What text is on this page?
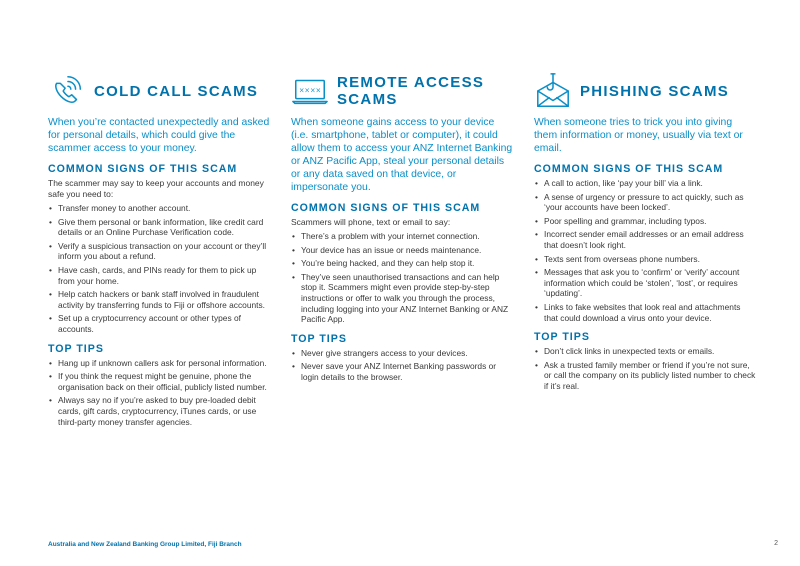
COLD CALL SCAMS

When you’re contacted unexpectedly and asked for personal details, which could give the scammer access to your money.

COMMON SIGNS OF THIS SCAM

The scammer may say to keep your accounts and money safe you need to:

• Transfer money to another account.
• Give them personal or bank information, like credit card details or an Online Purchase Verification code.
• Verify a suspicious transaction on your account or they’ll inform you about a refund.
• Have cash, cards, and PINs ready for them to pick up from your home.
• Help catch hackers or bank staff involved in fraudulent activity by transferring funds to Fiji or offshore accounts.
• Set up a cryptocurrency account or other types of accounts.
TOP TIPS
• Hang up if unknown callers ask for personal information.
• If you think the request might be genuine, phone the organisation back on their official, publicly listed number.
• Always say no if you’re asked to buy pre-loaded debit cards, gift cards, cryptocurrency, iTunes cards, or use third-party money transfer agencies.
×××× REMOTE ACCESS
SCAMS

When someone gains access to your device (i.e. smartphone, tablet or computer), it could allow them to access your ANZ Internet Banking or ANZ Pacific App, steal your personal details or any data saved on that device, or impersonate you.

COMMON SIGNS OF THIS SCAM

Scammers will phone, text or email to say:

• There’s a problem with your internet connection.
• Your device has an issue or needs maintenance.
• You’re being hacked, and they can help stop it.
• They’ve seen unauthorised transactions and can help stop it. Scammers might even provide step-by-step instructions or offer to walk you through the process, including logging into your ANZ Internet Banking or ANZ Pacific App.
TOP TIPS
• Never give strangers access to your devices.
• Never save your ANZ Internet Banking passwords or login details to the browser.
PHISHING SCAMS

When someone tries to trick you into giving them information or money, usually via text or email.

COMMON SIGNS OF THIS SCAM
• A call to action, like ‘pay your bill’ via a link.
• A sense of urgency or pressure to act quickly, such as ‘your accounts have been locked’.
• Poor spelling and grammar, including typos.
• Incorrect sender email addresses or an email address that doesn’t look right.
• Texts sent from overseas phone numbers.
• Messages that ask you to ‘confirm’ or ‘verify’ account information which could be ‘stolen’, ‘lost’, or requires ‘updating’.
• Links to fake websites that look real and attachments that could download a virus onto your device.
TOP TIPS
• Don’t click links in unexpected texts or emails.
• Ask a trusted family member or friend if you’re not sure, or call the company on its publicly listed number to check if it’s real.
Australia and New Zealand Banking Group Limited, Fiji Branch	2
